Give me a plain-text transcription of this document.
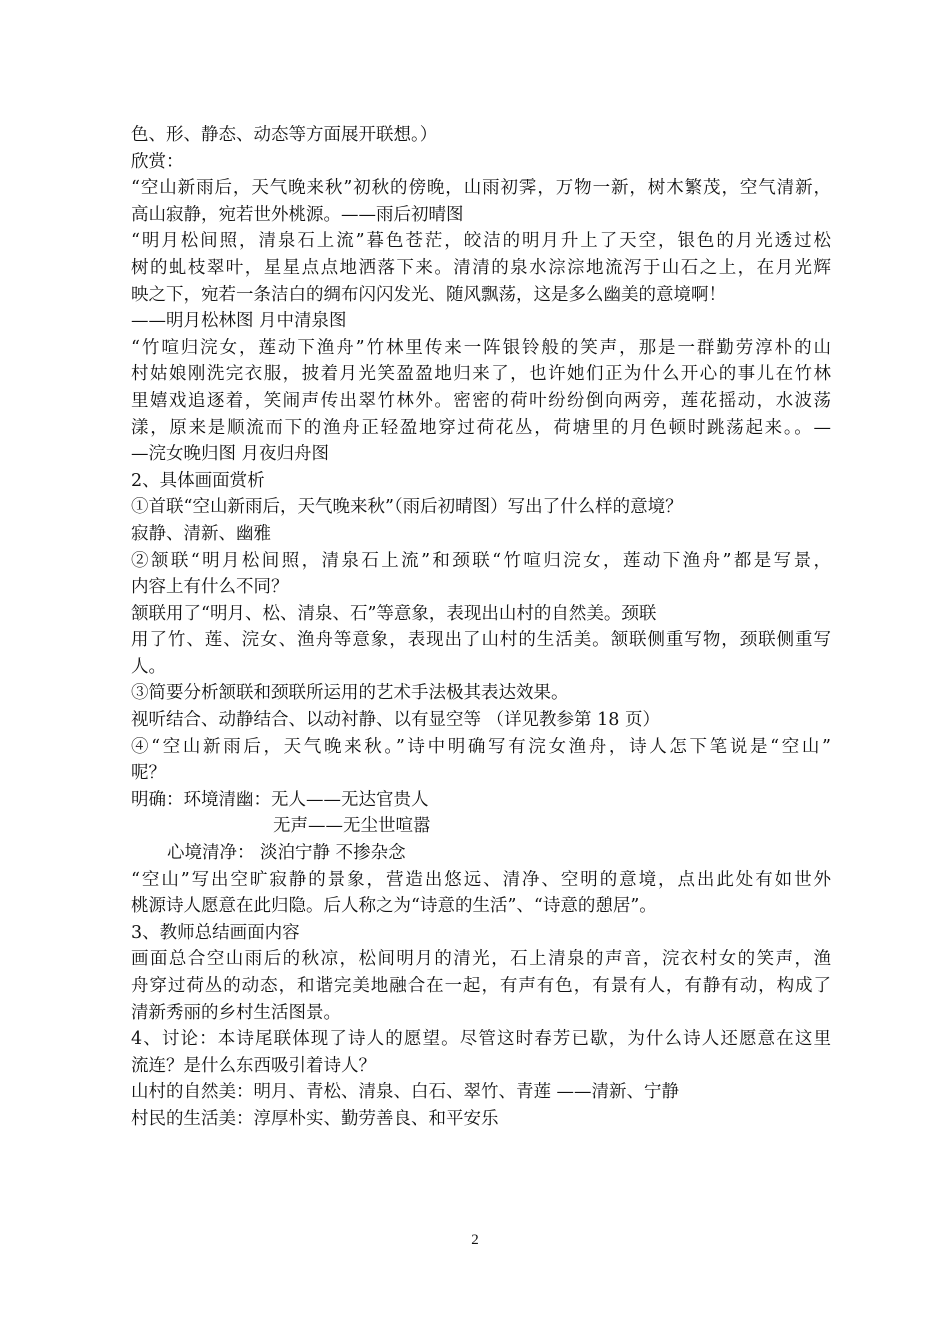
色、形、静态、动态等方面展开联想。）
欣赏：
“空山新雨后，天气晚来秋”初秋的傍晚，山雨初霁，万物一新，树木繁茂，空气清新，
高山寂静，宛若世外桃源。——雨后初晴图
“明月松间照，清泉石上流”暮色苍茫，皎洁的明月升上了天空，银色的月光透过松
树的虬枝翠叶，星星点点地洒落下来。清清的泉水淙淙地流泻于山石之上，在月光辉
映之下，宛若一条洁白的绸布闪闪发光、随风飘荡，这是多么幽美的意境啊！
——明月松林图 月中清泉图
“竹喧归浣女，莲动下渔舟”竹林里传来一阵银铃般的笑声，那是一群勤劳淳朴的山
村姑娘刚洗完衣服，披着月光笑盈盈地归来了，也许她们正为什么开心的事儿在竹林
里嬉戏追逐着，笑闹声传出翠竹林外。密密的荷叶纷纷倒向两旁，莲花摇动，水波荡
漾，原来是顺流而下的渔舟正轻盈地穿过荷花丛，荷塘里的月色顿时跳荡起来。。—
—浣女晚归图 月夜归舟图
2、具体画面赏析
①首联“空山新雨后，天气晚来秋”（雨后初晴图）写出了什么样的意境？
寂静、清新、幽雅
②颔联“明月松间照，清泉石上流”和颈联“竹喧归浣女，莲动下渔舟”都是写景，
内容上有什么不同？
颔联用了“明月、松、清泉、石”等意象，表现出山村的自然美。颈联
用了竹、莲、浣女、渔舟等意象，表现出了山村的生活美。颔联侧重写物，颈联侧重写
人。
③简要分析颔联和颈联所运用的艺术手法极其表达效果。
视听结合、动静结合、以动衬静、以有显空等 （详见教参第 18 页）
④“空山新雨后，天气晚来秋。”诗中明确写有浣女渔舟，诗人怎下笔说是“空山”
呢？
明确：环境清幽：无人——无达官贵人
无声——无尘世喧嚣
心境清净： 淡泊宁静 不掺杂念
“空山”写出空旷寂静的景象，营造出悠远、清净、空明的意境，点出此处有如世外
桃源诗人愿意在此归隐。后人称之为“诗意的生活”、“诗意的憩居”。
3、教师总结画面内容
画面总合空山雨后的秋凉，松间明月的清光，石上清泉的声音，浣衣村女的笑声，渔
舟穿过荷丛的动态，和谐完美地融合在一起，有声有色，有景有人，有静有动，构成了
清新秀丽的乡村生活图景。
4、讨论：本诗尾联体现了诗人的愿望。尽管这时春芳已歇，为什么诗人还愿意在这里
流连？是什么东西吸引着诗人？
山村的自然美：明月、青松、清泉、白石、翠竹、青莲 ——清新、宁静
村民的生活美：淳厚朴实、勤劳善良、和平安乐
2
